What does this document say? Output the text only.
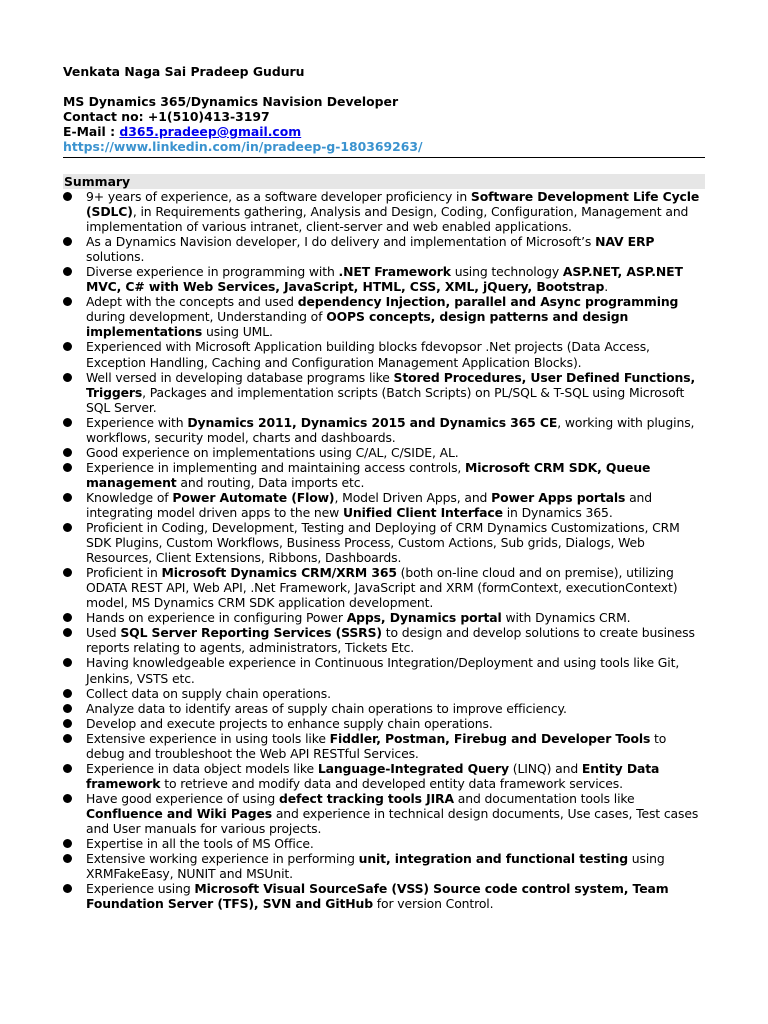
Venkata Naga Sai Pradeep Guduru
MS Dynamics 365/Dynamics Navision Developer
Contact no: +1(510)413-3197
E-Mail : d365.pradeep@gmail.com
https://www.linkedin.com/in/pradeep-g-180369263/
Summary
9+ years of experience, as a software developer proficiency in Software Development Life Cycle (SDLC), in Requirements gathering, Analysis and Design, Coding, Configuration, Management and implementation of various intranet, client-server and web enabled applications.
As a Dynamics Navision developer, I do delivery and implementation of Microsoft’s NAV ERP solutions.
Diverse experience in programming with .NET Framework using technology ASP.NET, ASP.NET MVC, C# with Web Services, JavaScript, HTML, CSS, XML, jQuery, Bootstrap.
Adept with the concepts and used dependency Injection, parallel and Async programming during development, Understanding of OOPS concepts, design patterns and design implementations using UML.
Experienced with Microsoft Application building blocks fdevopsor .Net projects (Data Access, Exception Handling, Caching and Configuration Management Application Blocks).
Well versed in developing database programs like Stored Procedures, User Defined Functions, Triggers, Packages and implementation scripts (Batch Scripts) on PL/SQL & T-SQL using Microsoft SQL Server.
Experience with Dynamics 2011, Dynamics 2015 and Dynamics 365 CE, working with plugins, workflows, security model, charts and dashboards.
Good experience on implementations using C/AL, C/SIDE, AL.
Experience in implementing and maintaining access controls, Microsoft CRM SDK, Queue management and routing, Data imports etc.
Knowledge of Power Automate (Flow), Model Driven Apps, and Power Apps portals and integrating model driven apps to the new Unified Client Interface in Dynamics 365.
Proficient in Coding, Development, Testing and Deploying of CRM Dynamics Customizations, CRM SDK Plugins, Custom Workflows, Business Process, Custom Actions, Sub grids, Dialogs, Web Resources, Client Extensions, Ribbons, Dashboards.
Proficient in Microsoft Dynamics CRM/XRM 365 (both on-line cloud and on premise), utilizing ODATA REST API, Web API, .Net Framework, JavaScript and XRM (formContext, executionContext) model, MS Dynamics CRM SDK application development.
Hands on experience in configuring Power Apps, Dynamics portal with Dynamics CRM.
Used SQL Server Reporting Services (SSRS) to design and develop solutions to create business reports relating to agents, administrators, Tickets Etc.
Having knowledgeable experience in Continuous Integration/Deployment and using tools like Git, Jenkins, VSTS etc.
Collect data on supply chain operations.
Analyze data to identify areas of supply chain operations to improve efficiency.
Develop and execute projects to enhance supply chain operations.
Extensive experience in using tools like Fiddler, Postman, Firebug and Developer Tools to debug and troubleshoot the Web API RESTful Services.
Experience in data object models like Language-Integrated Query (LINQ) and Entity Data framework to retrieve and modify data and developed entity data framework services.
Have good experience of using defect tracking tools JIRA and documentation tools like Confluence and Wiki Pages and experience in technical design documents, Use cases, Test cases and User manuals for various projects.
Expertise in all the tools of MS Office.
Extensive working experience in performing unit, integration and functional testing using XRMFakeEasy, NUNIT and MSUnit.
Experience using Microsoft Visual SourceSafe (VSS) Source code control system, Team Foundation Server (TFS), SVN and GitHub for version Control.
